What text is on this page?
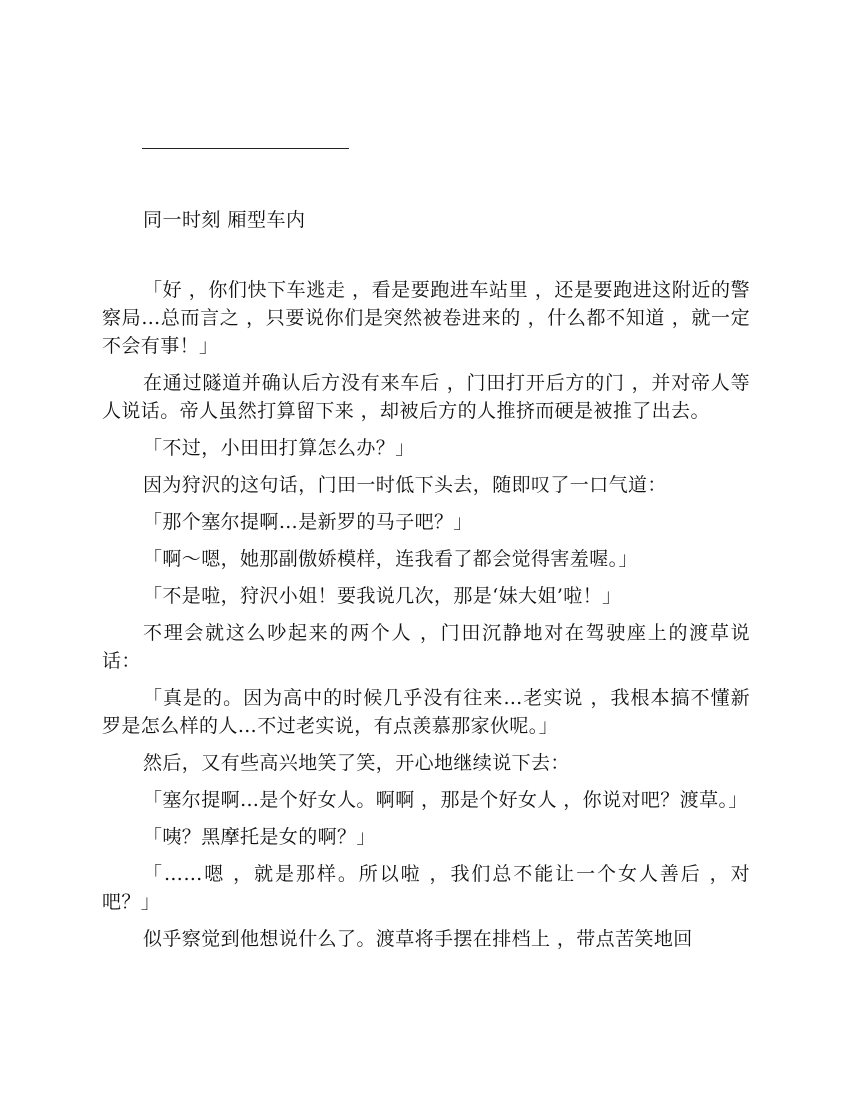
同一时刻 厢型车内

「好 ，你们快下车逃走 ，看是要跑进车站里 ，还是要跑进这附近的警察局…总而言之 ，只要说你们是突然被卷进来的 ，什么都不知道 ，就一定不会有事！」

在通过隧道并确认后方没有来车后 ，门田打开后方的门 ，并对帝人等人说话。帝人虽然打算留下来 ，却被后方的人推挤而硬是被推了出去。

「不过，小田田打算怎么办？」

因为狩沢的这句话，门田一时低下头去，随即叹了一口气道：

「那个塞尔提啊…是新罗的马子吧？」

「啊～嗯，她那副傲娇模样，连我看了都会觉得害羞喔。」

「不是啦，狩沢小姐！要我说几次，那是‘妹大姐’啦！」

不理会就这么吵起来的两个人 ，门田沉静地对在驾驶座上的渡草说话：

「真是的。因为高中的时候几乎没有往来…老实说 ，我根本搞不懂新罗是怎么样的人…不过老实说，有点羡慕那家伙呢。」

然后，又有些高兴地笑了笑，开心地继续说下去：

「塞尔提啊…是个好女人。啊啊 ，那是个好女人 ，你说对吧？渡草。」

「咦？黑摩托是女的啊？」

「……嗯 ，就是那样。所以啦 ，我们总不能让一个女人善后 ，对吧？」

似乎察觉到他想说什么了。渡草将手摆在排档上 ，带点苦笑地回
